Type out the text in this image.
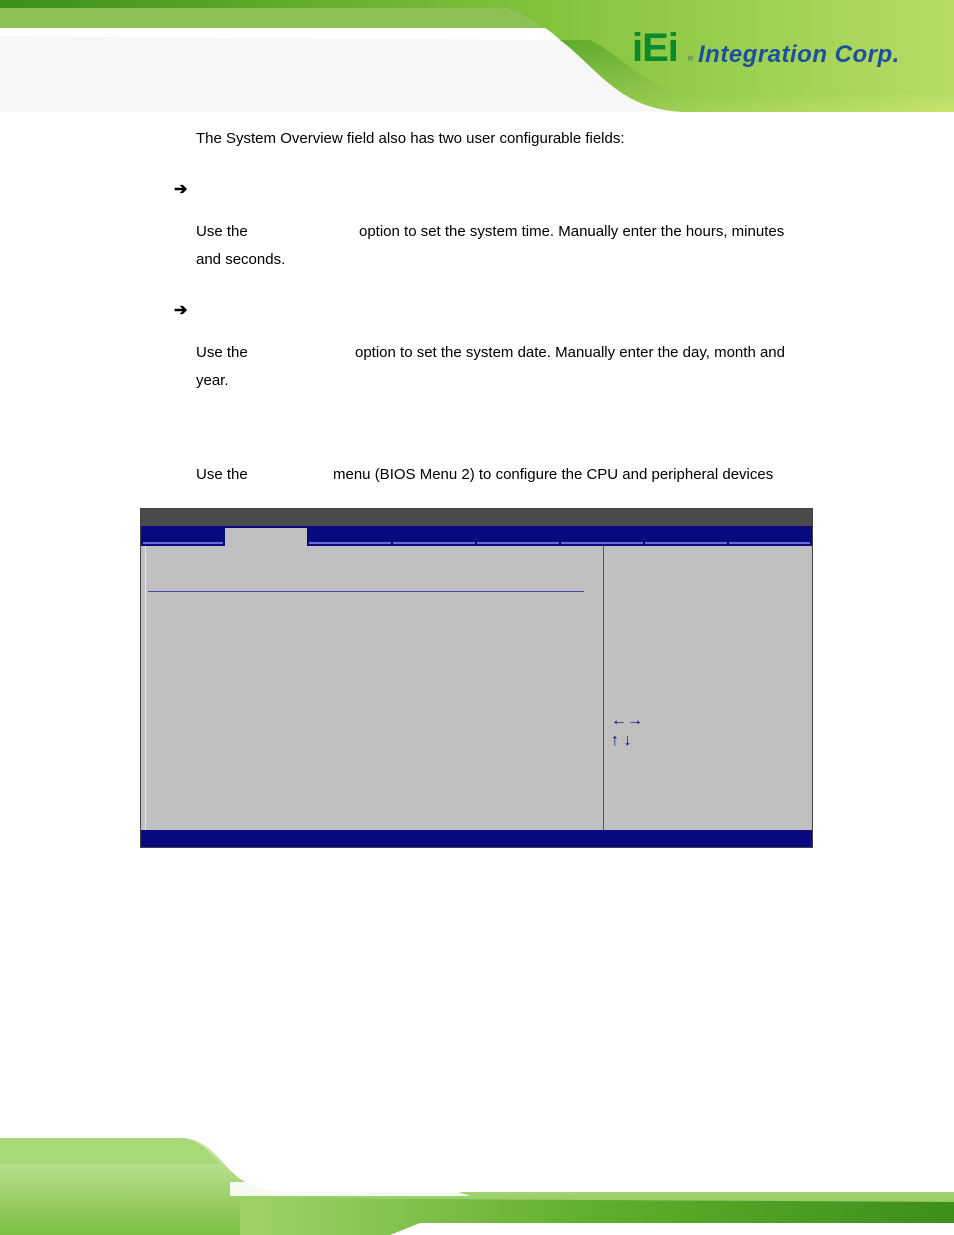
iEi ® Integration Corp.
The System Overview field also has two user configurable fields:
➔
Use the	option to set the system time. Manually enter the hours, minutes
and seconds.
➔
Use the	option to set the system date. Manually enter the day, month and
year.
Use the	menu (BIOS Menu 2) to configure the CPU and peripheral devices
←→
↑ ↓
